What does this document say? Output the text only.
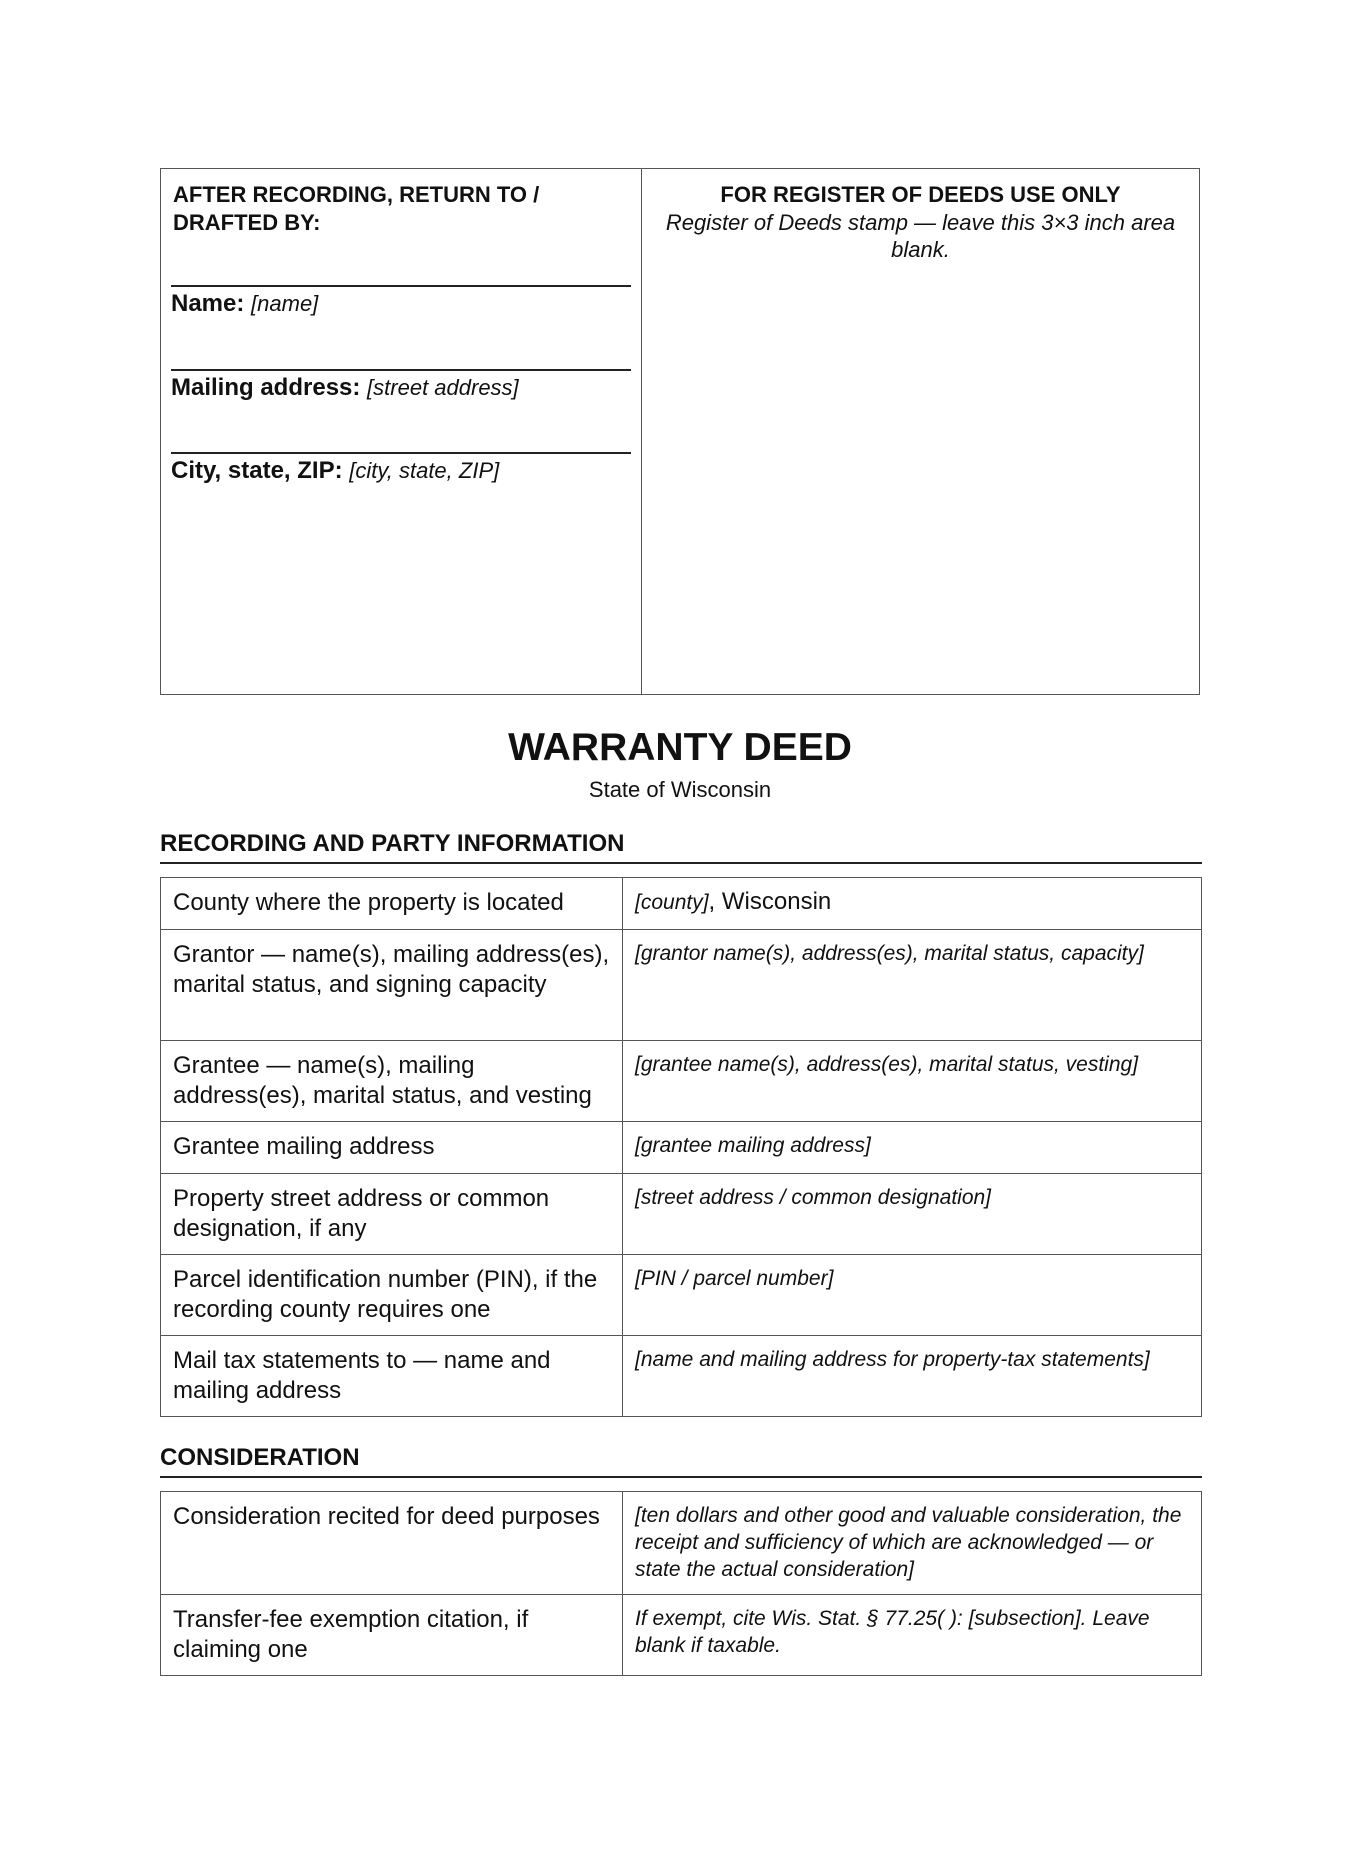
AFTER RECORDING, RETURN TO / DRAFTED BY:
Name: [name]
Mailing address: [street address]
City, state, ZIP: [city, state, ZIP]
FOR REGISTER OF DEEDS USE ONLY
Register of Deeds stamp — leave this 3×3 inch area blank.
WARRANTY DEED
State of Wisconsin
RECORDING AND PARTY INFORMATION
County where the property is located	[county], Wisconsin
Grantor — name(s), mailing address(es), marital status, and signing capacity	[grantor name(s), address(es), marital status, capacity]
Grantee — name(s), mailing address(es), marital status, and vesting	[grantee name(s), address(es), marital status, vesting]
Grantee mailing address	[grantee mailing address]
Property street address or common designation, if any	[street address / common designation]
Parcel identification number (PIN), if the recording county requires one	[PIN / parcel number]
Mail tax statements to — name and mailing address	[name and mailing address for property-tax statements]
CONSIDERATION
Consideration recited for deed purposes	[ten dollars and other good and valuable consideration, the receipt and sufficiency of which are acknowledged — or state the actual consideration]
Transfer-fee exemption citation, if claiming one	If exempt, cite Wis. Stat. § 77.25( ): [subsection]. Leave blank if taxable.
